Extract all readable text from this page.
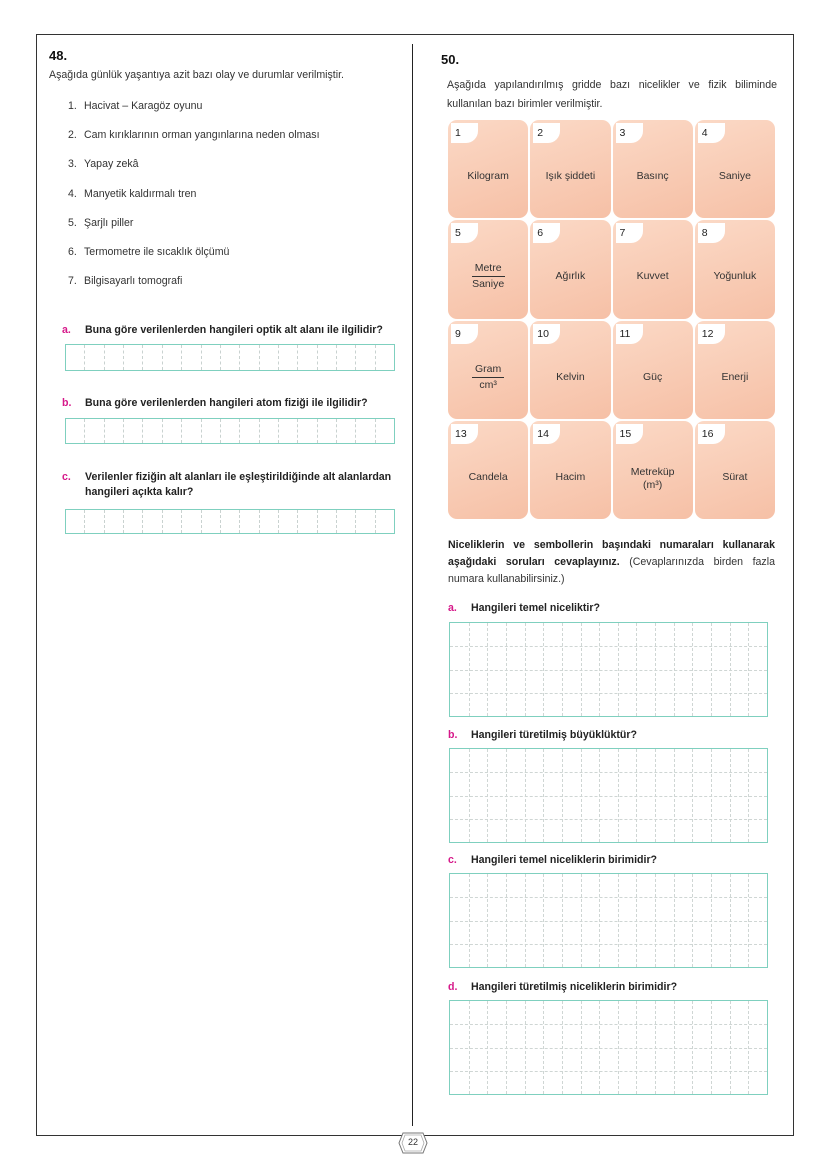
48.
Aşağıda günlük yaşantıya azit bazı olay ve durumlar verilmiştir.
1. Hacivat – Karagöz oyunu
2. Cam kırıklarının orman yangınlarına neden olması
3. Yapay zekâ
4. Manyetik kaldırmalı tren
5. Şarjlı piller
6. Termometre ile sıcaklık ölçümü
7. Bilgisayarlı tomografi
a.	Buna göre verilenlerden hangileri optik alt alanı ile ilgilidir?
b.	Buna göre verilenlerden hangileri atom fiziği ile ilgilidir?
c.	Verilenler fiziğin alt alanları ile eşleştirildiğinde alt alanlardan hangileri açıkta kalır?
50.
Aşağıda yapılandırılmış gridde bazı nicelikler ve fizik biliminde kullanılan bazı birimler verilmiştir.
1
Kilogram
2
Işık şiddeti
3
Basınç
4
Saniye
5
$\frac{\text{Metre}}{\text{Saniye}}$
6
Ağırlık
7
Kuvvet
8
Yoğunluk
9
$\frac{\text{Gram}}{\text{cm³}}$
10
Kelvin
11
Güç
12
Enerji
13
Candela
14
Hacim
15
Metreküp
(m³)
16
Sürat
Niceliklerin ve sembollerin başındaki numaraları kullanarak aşağıdaki soruları cevaplayınız. (Cevaplarınızda birden fazla numara kullanabilirsiniz.)
a.	Hangileri temel niceliktir?
b.	Hangileri türetilmiş büyüklüktür?
c.	Hangileri temel niceliklerin birimidir?
d.	Hangileri türetilmiş niceliklerin birimidir?
22
